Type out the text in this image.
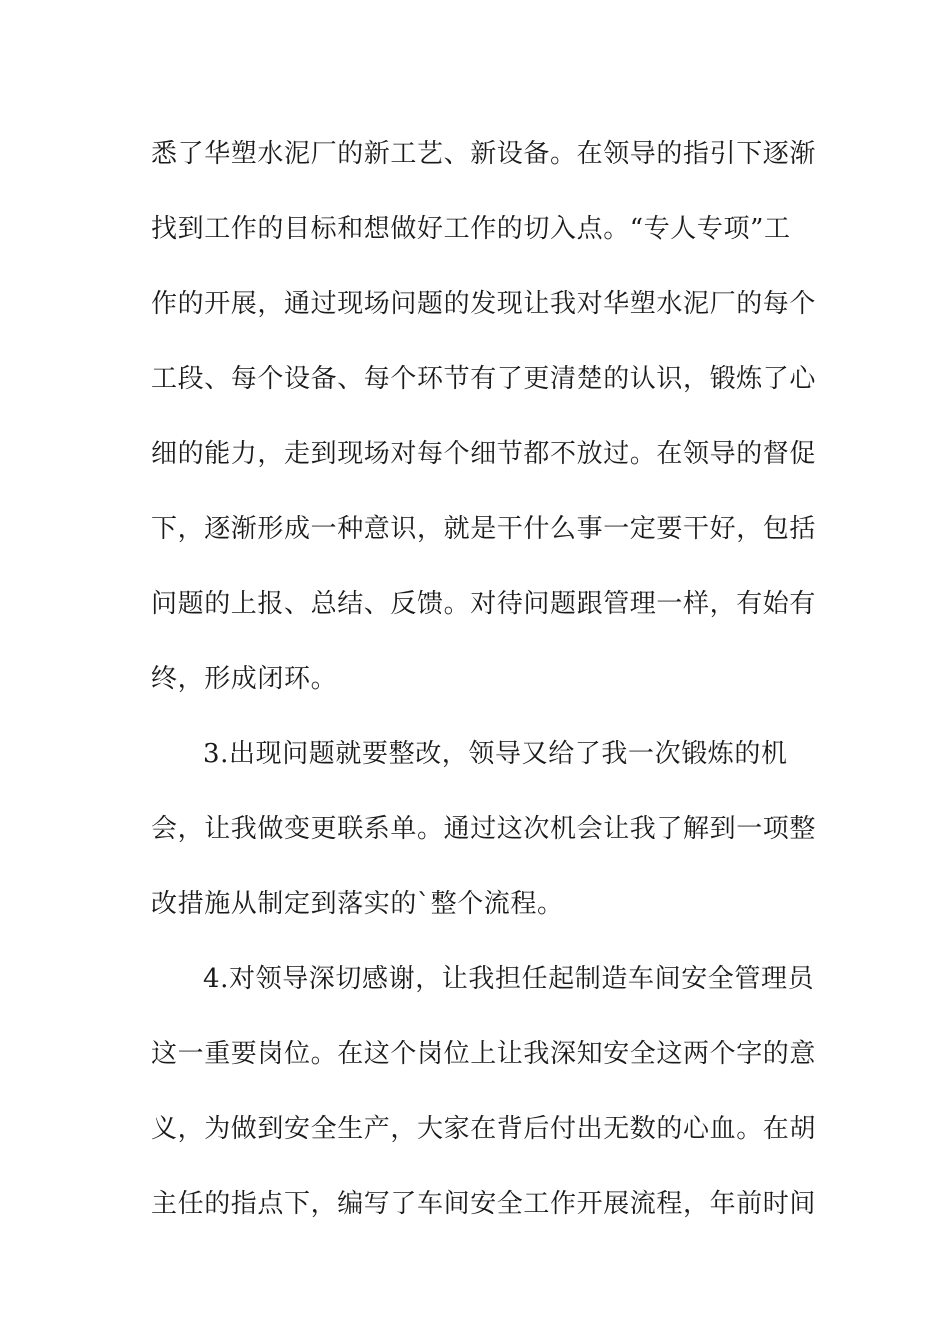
悉了华塑水泥厂的新工艺、新设备。在领导的指引下逐渐
找到工作的目标和想做好工作的切入点。“专人专项”工
作的开展，通过现场问题的发现让我对华塑水泥厂的每个
工段、每个设备、每个环节有了更清楚的认识，锻炼了心
细的能力，走到现场对每个细节都不放过。在领导的督促
下，逐渐形成一种意识，就是干什么事一定要干好，包括
问题的上报、总结、反馈。对待问题跟管理一样，有始有
终，形成闭环。
3.出现问题就要整改，领导又给了我一次锻炼的机
会，让我做变更联系单。通过这次机会让我了解到一项整
改措施从制定到落实的`整个流程。
4.对领导深切感谢，让我担任起制造车间安全管理员
这一重要岗位。在这个岗位上让我深知安全这两个字的意
义，为做到安全生产，大家在背后付出无数的心血。在胡
主任的指点下，编写了车间安全工作开展流程，年前时间
